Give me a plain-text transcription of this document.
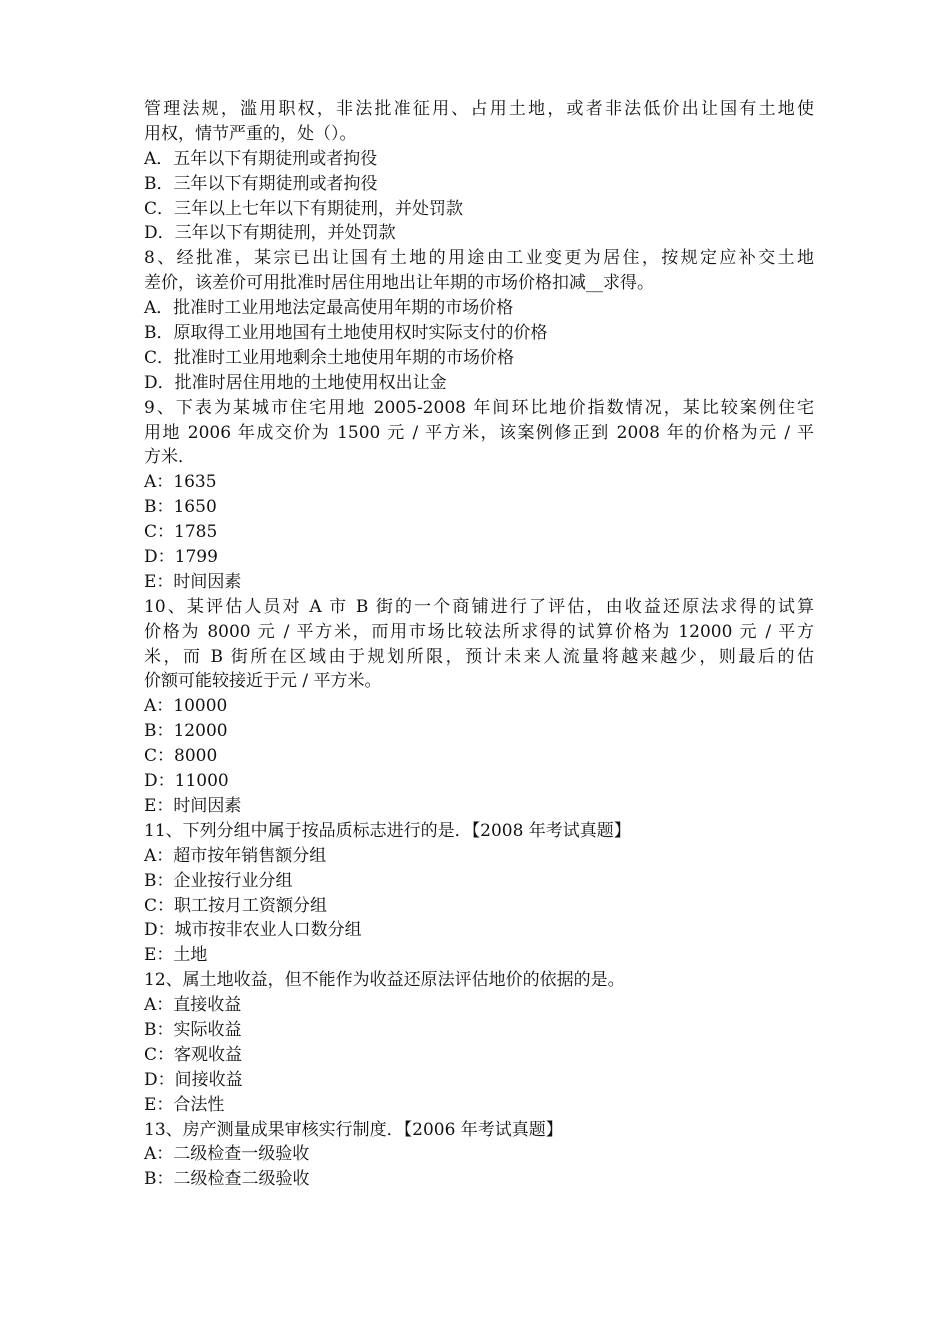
管理法规，滥用职权，非法批准征用、占用土地，或者非法低价出让国有土地使
用权，情节严重的，处（）。
A．五年以下有期徒刑或者拘役
B．三年以下有期徒刑或者拘役
C．三年以上七年以下有期徒刑，并处罚款
D．三年以下有期徒刑，并处罚款
8、经批准，某宗已出让国有土地的用途由工业变更为居住，按规定应补交土地
差价，该差价可用批准时居住用地出让年期的市场价格扣减__求得。
A．批准时工业用地法定最高使用年期的市场价格
B．原取得工业用地国有土地使用权时实际支付的价格
C．批准时工业用地剩余土地使用年期的市场价格
D．批准时居住用地的土地使用权出让金
9、下表为某城市住宅用地 2005-2008 年间环比地价指数情况，某比较案例住宅
用地 2006 年成交价为 1500 元 / 平方米，该案例修正到 2008 年的价格为元 / 平
方米．
A：1635
B：1650
C：1785
D：1799
E：时间因素
10、某评估人员对 A 市 B 街的一个商铺进行了评估，由收益还原法求得的试算
价格为 8000 元 / 平方米，而用市场比较法所求得的试算价格为 12000 元 / 平方
米，而 B 街所在区域由于规划所限，预计未来人流量将越来越少，则最后的估
价额可能较接近于元 / 平方米。
A：10000
B：12000
C：8000
D：11000
E：时间因素
11、下列分组中属于按品质标志进行的是．【2008 年考试真题】
A：超市按年销售额分组
B：企业按行业分组
C：职工按月工资额分组
D：城市按非农业人口数分组
E：土地
12、属土地收益，但不能作为收益还原法评估地价的依据的是。
A：直接收益
B：实际收益
C：客观收益
D：间接收益
E：合法性
13、房产测量成果审核实行制度．【2006 年考试真题】
A：二级检查一级验收
B：二级检查二级验收
